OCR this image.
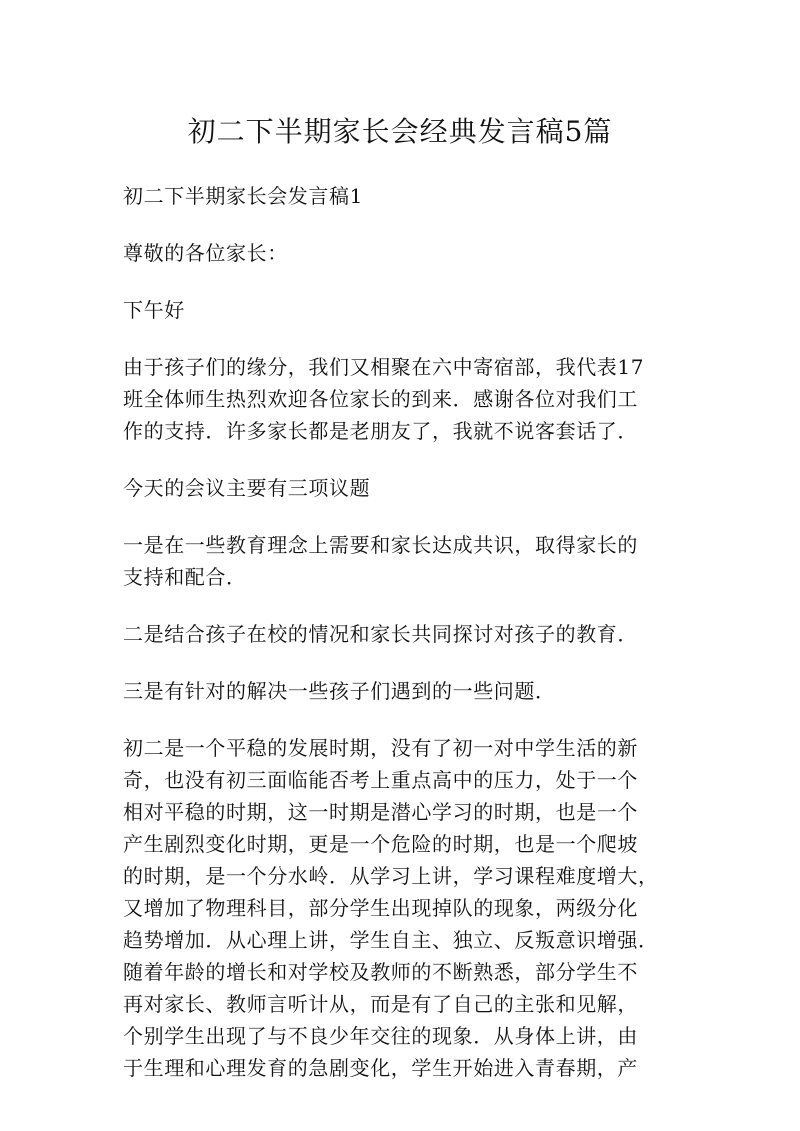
初二下半期家长会经典发言稿5篇

初二下半期家长会发言稿1

尊敬的各位家长：

下午好

由于孩子们的缘分，我们又相聚在六中寄宿部，我代表17
班全体师生热烈欢迎各位家长的到来．感谢各位对我们工
作的支持．许多家长都是老朋友了，我就不说客套话了．

今天的会议主要有三项议题

一是在一些教育理念上需要和家长达成共识，取得家长的
支持和配合．

二是结合孩子在校的情况和家长共同探讨对孩子的教育．

三是有针对的解决一些孩子们遇到的一些问题．

初二是一个平稳的发展时期，没有了初一对中学生活的新
奇，也没有初三面临能否考上重点高中的压力，处于一个
相对平稳的时期，这一时期是潜心学习的时期，也是一个
产生剧烈变化时期，更是一个危险的时期，也是一个爬坡
的时期，是一个分水岭．从学习上讲，学习课程难度增大，
又增加了物理科目，部分学生出现掉队的现象，两级分化
趋势增加．从心理上讲，学生自主、独立、反叛意识增强．
随着年龄的增长和对学校及教师的不断熟悉，部分学生不
再对家长、教师言听计从，而是有了自己的主张和见解，
个别学生出现了与不良少年交往的现象．从身体上讲，由
于生理和心理发育的急剧变化，学生开始进入青春期，产
